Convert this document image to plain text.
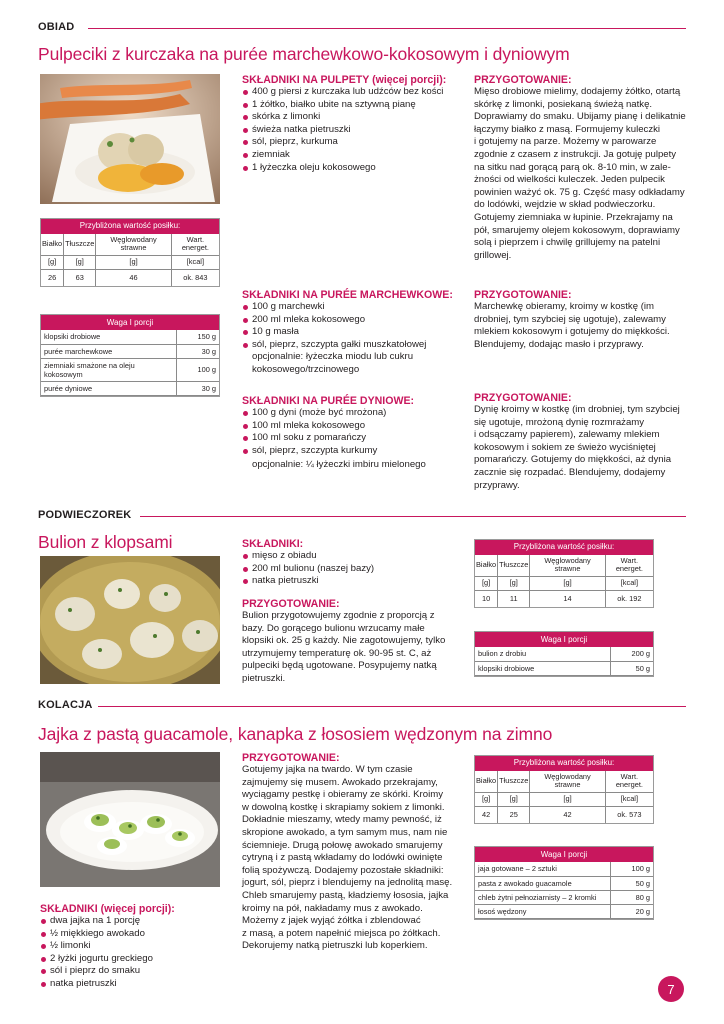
OBIAD
Pulpeciki z kurczaka na purée marchewkowo-kokosowym i dyniowym
Przybliżona wartość posiłku:			
Białko	Tłuszcze	Węglowodany strawne	Wart. energet.
[g]	[g]	[g]	[kcal]
26	63	46	ok. 843
Waga I porcji	
klopsiki drobiowe	150 g
purée marchewkowe	30 g
ziemniaki smażone na oleju kokosowym	100 g
purée dyniowe	30 g
SKŁADNIKI NA PULPETY (więcej porcji):
400 g piersi z kurczaka lub udźców bez kości
1 żółtko, białko ubite na sztywną pianę
skórka z limonki
świeża natka pietruszki
sól, pieprz, kurkuma
ziemniak
1 łyżeczka oleju kokosowego
PRZYGOTOWANIE:

Mięso drobiowe mielimy, dodajemy żółtko, otartą

skórkę z limonki, posiekaną świeżą natkę.

Doprawiamy do smaku. Ubijamy pianę i delikatnie

łączymy białko z masą. Formujemy kuleczki

i gotujemy na parze. Możemy w parowarze

zgodnie z czasem z instrukcji. Ja gotuję pulpety

na sitku nad gorącą parą ok. 8-10 min, w zale-

żności od wielkości kuleczek. Jeden pulpecik

powinien ważyć ok. 75 g. Część masy odkładamy

do lodówki, wejdzie w skład podwieczorku.

Gotujemy ziemniaka w łupinie. Przekrajamy na

pół, smarujemy olejem kokosowym, doprawiamy

solą i pieprzem i chwilę grillujemy na patelni

grillowej.

SKŁADNIKI NA PURÉE MARCHEWKOWE:
100 g marchewki
200 ml mleka kokosowego
10 g masła
sól, pieprz, szczypta gałki muszkatołowej
opcjonalnie: łyżeczka miodu lub cukru
kokosowego/trzcinowego
PRZYGOTOWANIE:

Marchewkę obieramy, kroimy w kostkę (im

drobniej, tym szybciej się ugotuje), zalewamy

mlekiem kokosowym i gotujemy do miękkości.

Blendujemy, dodając masło i przyprawy.

SKŁADNIKI NA PURÉE DYNIOWE:
100 g dyni (może być mrożona)
100 ml mleka kokosowego
100 ml soku z pomarańczy
sól, pieprz, szczypta kurkumy
opcjonalnie: ¼ łyżeczki imbiru mielonego
PRZYGOTOWANIE:

Dynię kroimy w kostkę (im drobniej, tym szybciej

się ugotuje, mrożoną dynię rozmrażamy

i odsączamy papierem), zalewamy mlekiem

kokosowym i sokiem ze świeżo wyciśniętej

pomarańczy. Gotujemy do miękkości, aż dynia

zacznie się rozpadać. Blendujemy, dodajemy

przyprawy.

PODWIECZOREK
Bulion z klopsami	SKŁADNIKI:
mięso z obiadu
200 ml bulionu (naszej bazy)
natka pietruszki
PRZYGOTOWANIE:

Bulion przygotowujemy zgodnie z proporcją z

bazy. Do gorącego bulionu wrzucamy małe

klopsiki ok. 25 g każdy. Nie zagotowujemy, tylko

utrzymujemy temperaturę ok. 90-95 st. C, aż

pulpeciki będą ugotowane. Posypujemy natką

pietruszki.

Przybliżona wartość posiłku:			
Białko	Tłuszcze	Węglowodany strawne	Wart. energet.
[g]	[g]	[g]	[kcal]
10	11	14	ok. 192
Waga I porcji	
bulion z drobiu	200 g
klopsiki drobiowe	50 g
KOLACJA
Jajka z pastą guacamole, kanapka z łososiem wędzonym na zimno
PRZYGOTOWANIE:

Gotujemy jajka na twardo. W tym czasie

zajmujemy się musem. Awokado przekrajamy,

wyciągamy pestkę i obieramy ze skórki. Kroimy

w dowolną kostkę i skrapiamy sokiem z limonki.

Dokładnie mieszamy, wtedy mamy pewność, iż

skropione awokado, a tym samym mus, nam nie

ściemnieje. Drugą połowę awokado smarujemy

cytryną i z pastą wkładamy do lodówki owinięte

folią spożywczą. Dodajemy pozostałe składniki:

jogurt, sól, pieprz i blendujemy na jednolitą masę.

Chleb smarujemy pastą, kładziemy łososia, jajka

kroimy na pół, nakładamy mus z awokado.

Możemy z jajek wyjąć żółtka i zblendować

z masą, a potem napełnić miejsca po żółtkach.

Dekorujemy natką pietruszki lub koperkiem.

SKŁADNIKI (więcej porcji):
dwa jajka na 1 porcję
½ miękkiego awokado
½ limonki
2 łyżki jogurtu greckiego
sól i pieprz do smaku
natka pietruszki
Przybliżona wartość posiłku:			
Białko	Tłuszcze	Węglowodany strawne	Wart. energet.
[g]	[g]	[g]	[kcal]
42	25	42	ok. 573
Waga I porcji	
jaja gotowane – 2 sztuki	100 g
pasta z awokado guacamole	50 g
chleb żytni pełnoziarnisty – 2 kromki	80 g
łosoś wędzony	20 g
7
